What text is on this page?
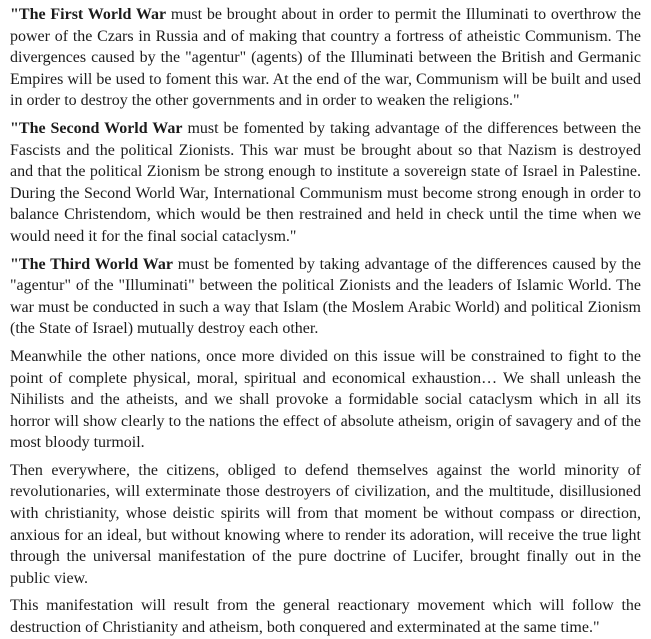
"The First World War must be brought about in order to permit the Illuminati to overthrow the power of the Czars in Russia and of making that country a fortress of atheistic Communism. The divergences caused by the "agentur" (agents) of the Illuminati between the British and Germanic Empires will be used to foment this war. At the end of the war, Communism will be built and used in order to destroy the other governments and in order to weaken the religions."

"The Second World War must be fomented by taking advantage of the differences between the Fascists and the political Zionists. This war must be brought about so that Nazism is destroyed and that the political Zionism be strong enough to institute a sovereign state of Israel in Palestine. During the Second World War, International Communism must become strong enough in order to balance Christendom, which would be then restrained and held in check until the time when we would need it for the final social cataclysm."

"The Third World War must be fomented by taking advantage of the differences caused by the "agentur" of the "Illuminati" between the political Zionists and the leaders of Islamic World. The war must be conducted in such a way that Islam (the Moslem Arabic World) and political Zionism (the State of Israel) mutually destroy each other.

Meanwhile the other nations, once more divided on this issue will be constrained to fight to the point of complete physical, moral, spiritual and economical exhaustion… We shall unleash the Nihilists and the atheists, and we shall provoke a formidable social cataclysm which in all its horror will show clearly to the nations the effect of absolute atheism, origin of savagery and of the most bloody turmoil.

Then everywhere, the citizens, obliged to defend themselves against the world minority of revolutionaries, will exterminate those destroyers of civilization, and the multitude, disillusioned with christianity, whose deistic spirits will from that moment be without compass or direction, anxious for an ideal, but without knowing where to render its adoration, will receive the true light through the universal manifestation of the pure doctrine of Lucifer, brought finally out in the public view.

This manifestation will result from the general reactionary movement which will follow the destruction of Christianity and atheism, both conquered and exterminated at the same time."
